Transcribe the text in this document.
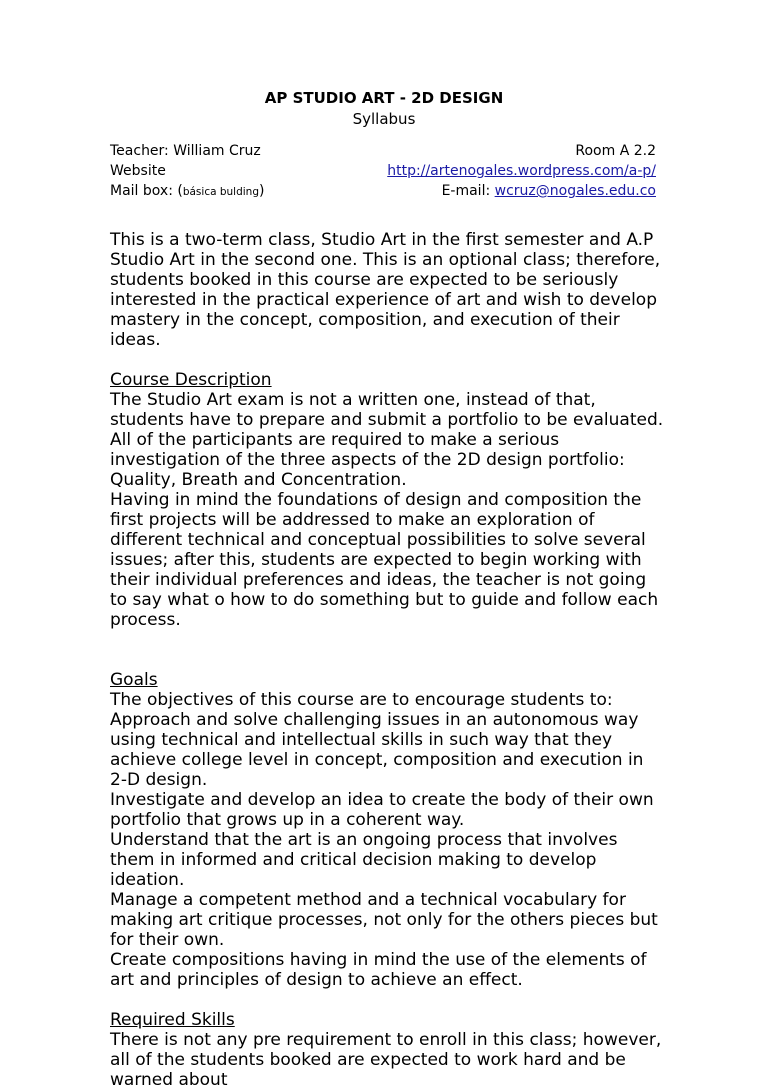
AP STUDIO ART - 2D DESIGN

Syllabus

Teacher: William Cruz
Website
Mail box: (básica bulding)
Room A 2.2
http://artenogales.wordpress.com/a-p/
E-mail: wcruz@nogales.edu.co

This is a two-term class, Studio Art in the first semester and A.P Studio Art in the second one. This is an optional class; therefore, students booked in this course are expected to be seriously interested in the practical experience of art and wish to develop mastery in the concept, composition, and execution of their ideas.

Course Description

The Studio Art exam is not a written one, instead of that, students have to prepare and submit a portfolio to be evaluated. All of the participants are required to make a serious investigation of the three aspects of the 2D design portfolio: Quality, Breath and Concentration.

Having in mind the foundations of design and composition the first projects will be addressed to make an exploration of different technical and conceptual possibilities to solve several issues; after this, students are expected to begin working with their individual preferences and ideas, the teacher is not going to say what o how to do something but to guide and follow each process.

Goals

The objectives of this course are to encourage students to:

Approach and solve challenging issues in an autonomous way using technical and intellectual skills in such way that they achieve college level in concept, composition and execution in 2-D design.

Investigate and develop an idea to create the body of their own portfolio that grows up in a coherent way.

Understand that the art is an ongoing process that involves them in informed and critical decision making to develop ideation.

Manage a competent method and a technical vocabulary for making art critique processes, not only for the others pieces but for their own.

Create compositions having in mind the use of the elements of art and principles of design to achieve an effect.

Required Skills

There is not any pre requirement to enroll in this class; however, all of the students booked are expected to work hard and be warned about
